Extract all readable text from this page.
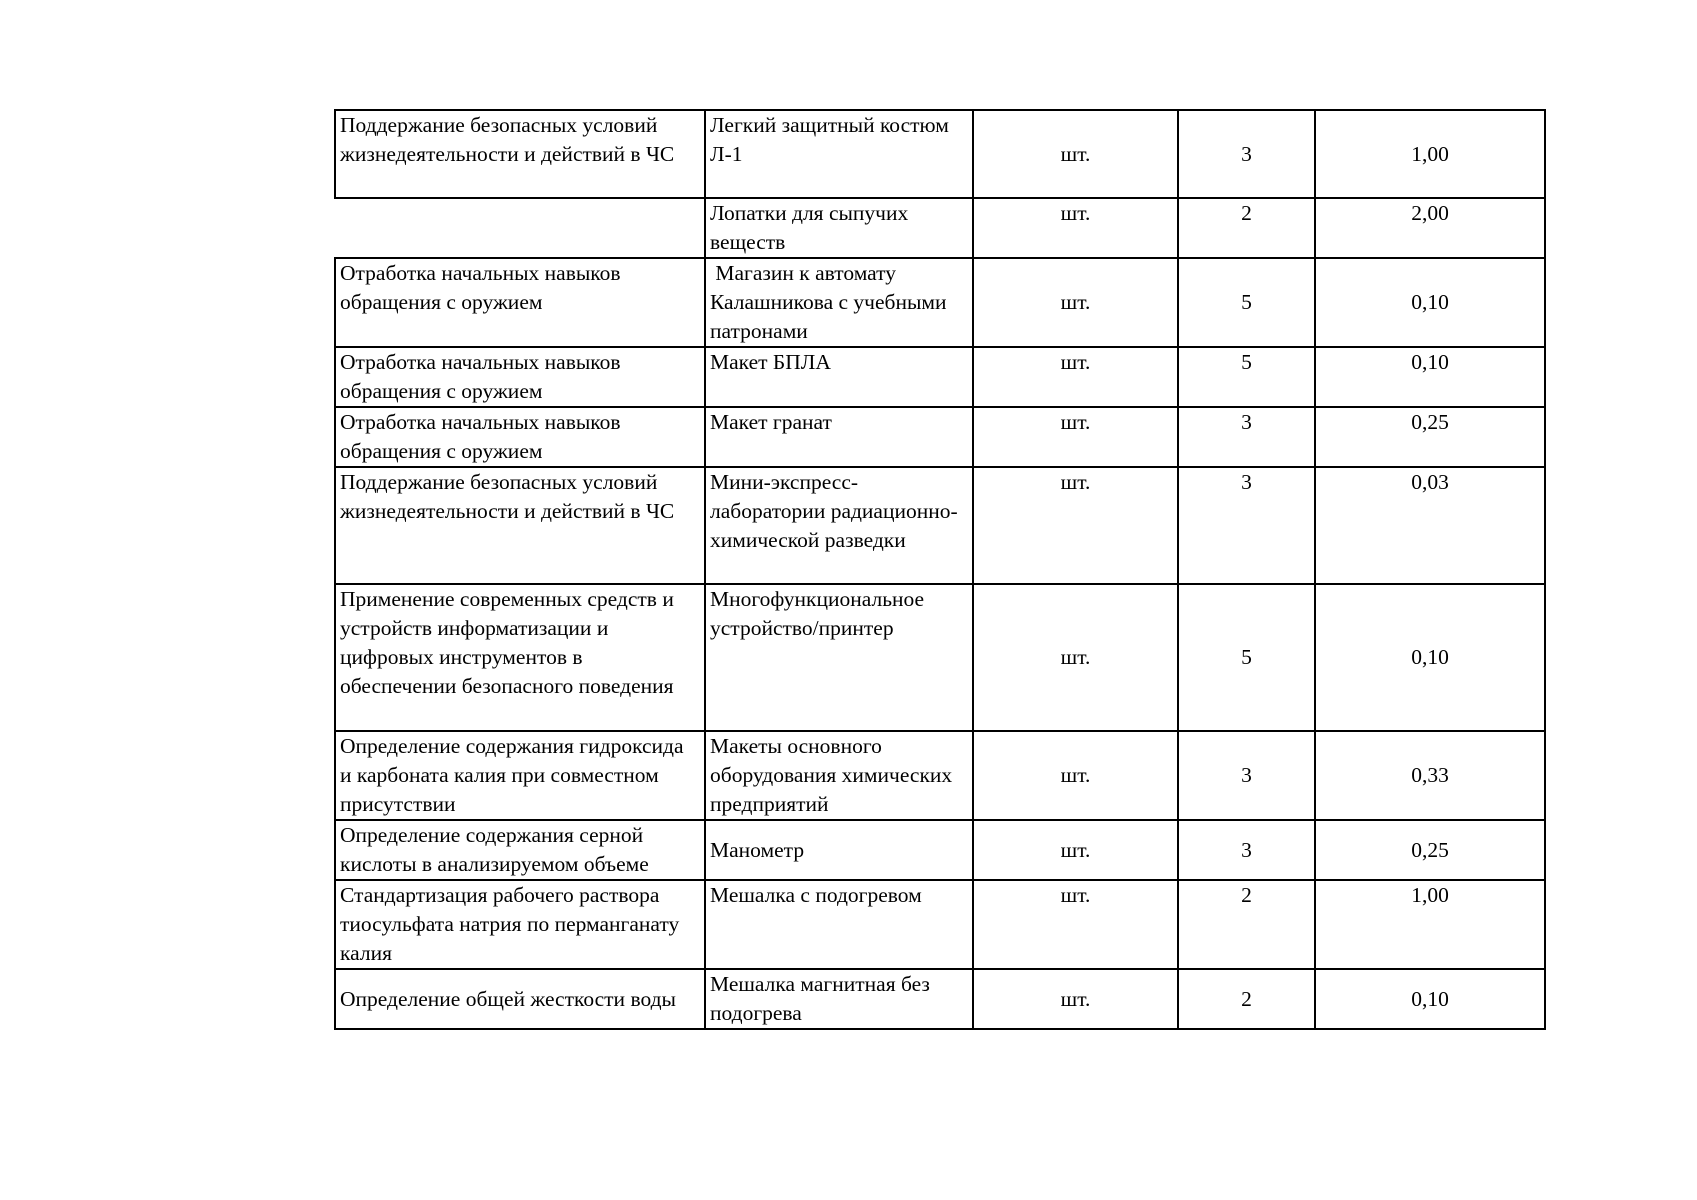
Поддержание безопасных условий жизнедеятельности и действий в ЧС	Легкий защитный костюм Л-1	шт.	3	1,00
	Лопатки для сыпучих веществ	шт.	2	2,00
Отработка начальных навыков обращения с оружием	Магазин к автомату Калашникова с учебными патронами	шт.	5	0,10
Отработка начальных навыков обращения с оружием	Макет БПЛА	шт.	5	0,10
Отработка начальных навыков обращения с оружием	Макет гранат	шт.	3	0,25
Поддержание безопасных условий жизнедеятельности и действий в ЧС	Мини-экспресс-лаборатории радиационно-химической разведки	шт.	3	0,03
Применение современных средств и устройств информатизации и цифровых инструментов в обеспечении безопасного поведения	Многофункциональное устройство/принтер	шт.	5	0,10
Определение содержания гидроксида и карбоната калия при совместном присутствии	Макеты основного оборудования химических предприятий	шт.	3	0,33
Определение содержания серной кислоты в анализируемом объеме	Манометр	шт.	3	0,25
Стандартизация рабочего раствора тиосульфата натрия по перманганату калия	Мешалка с подогревом	шт.	2	1,00
Определение общей жесткости воды	Мешалка магнитная без подогрева	шт.	2	0,10
